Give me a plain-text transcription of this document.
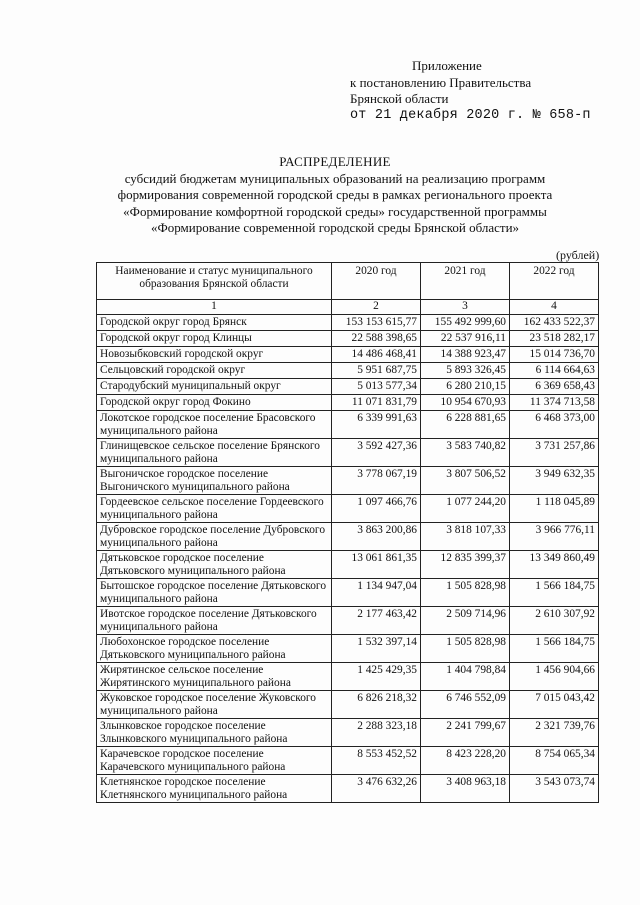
Приложение
к постановлению Правительства
Брянской области
от 21 декабря 2020 г. № 658-п
РАСПРЕДЕЛЕНИЕ
субсидий бюджетам муниципальных образований на реализацию программ
формирования современной городской среды в рамках регионального проекта
«Формирование комфортной городской среды» государственной программы
«Формирование современной городской среды Брянской области»
(рублей)
Наименование и статус муниципального образования Брянской области	2020 год	2021 год	2022 год
1	2	3	4
Городской округ город Брянск	153 153 615,77	155 492 999,60	162 433 522,37
Городской округ город Клинцы	22 588 398,65	22 537 916,11	23 518 282,17
Новозыбковский городской округ	14 486 468,41	14 388 923,47	15 014 736,70
Сельцовский городской округ	5 951 687,75	5 893 326,45	6 114 664,63
Стародубский муниципальный округ	5 013 577,34	6 280 210,15	6 369 658,43
Городской округ город Фокино	11 071 831,79	10 954 670,93	11 374 713,58
Локотское городское поселение Брасовского муниципального района	6 339 991,63	6 228 881,65	6 468 373,00
Глинищевское сельское поселение Брянского муниципального района	3 592 427,36	3 583 740,82	3 731 257,86
Выгоничское городское поселение Выгоничского муниципального района	3 778 067,19	3 807 506,52	3 949 632,35
Гордеевское сельское поселение Гордеевского муниципального района	1 097 466,76	1 077 244,20	1 118 045,89
Дубровское городское поселение Дубровского муниципального района	3 863 200,86	3 818 107,33	3 966 776,11
Дятьковское городское поселение Дятьковского муниципального района	13 061 861,35	12 835 399,37	13 349 860,49
Бытошское городское поселение Дятьковского муниципального района	1 134 947,04	1 505 828,98	1 566 184,75
Ивотское городское поселение Дятьковского муниципального района	2 177 463,42	2 509 714,96	2 610 307,92
Любохонское городское поселение Дятьковского муниципального района	1 532 397,14	1 505 828,98	1 566 184,75
Жирятинское сельское поселение Жирятинского муниципального района	1 425 429,35	1 404 798,84	1 456 904,66
Жуковское городское поселение Жуковского муниципального района	6 826 218,32	6 746 552,09	7 015 043,42
Злынковское городское поселение Злынковского муниципального района	2 288 323,18	2 241 799,67	2 321 739,76
Карачевское городское поселение Карачевского муниципального района	8 553 452,52	8 423 228,20	8 754 065,34
Клетнянское городское поселение Клетнянского муниципального района	3 476 632,26	3 408 963,18	3 543 073,74
